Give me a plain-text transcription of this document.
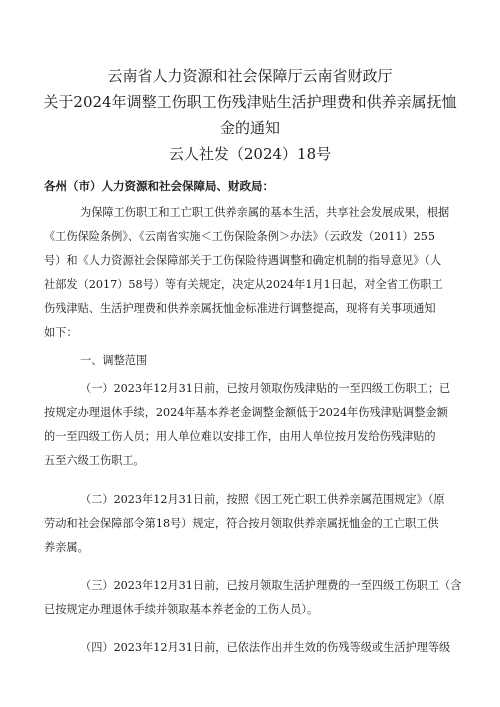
云南省人力资源和社会保障厅云南省财政厅
关于2024年调整工伤职工伤残津贴生活护理费和供养亲属抚恤
金的通知
云人社发（2024）18号
各州（市）人力资源和社会保障局、财政局：
为保障工伤职工和工亡职工供养亲属的基本生活，共享社会发展成果，根据
《工伤保险条例》、《云南省实施＜工伤保险条例＞办法》（云政发（2011）255
号）和《人力资源社会保障部关于工伤保险待遇调整和确定机制的指导意见》（人
社部发（2017）58号）等有关规定，决定从2024年1月1日起，对全省工伤职工
伤残津贴、生活护理费和供养亲属抚恤金标准进行调整提高，现将有关事项通知
如下：
一、调整范围
（一）2023年12月31日前，已按月领取伤残津贴的一至四级工伤职工；已
按规定办理退休手续，2024年基本养老金调整金额低于2024年伤残津贴调整金额
的一至四级工伤人员；用人单位难以安排工作，由用人单位按月发给伤残津贴的
五至六级工伤职工。
（二）2023年12月31日前，按照《因工死亡职工供养亲属范围规定》（原
劳动和社会保障部令第18号）规定，符合按月领取供养亲属抚恤金的工亡职工供
养亲属。
（三）2023年12月31日前，已按月领取生活护理费的一至四级工伤职工（含
已按规定办理退休手续并领取基本养老金的工伤人员）。
（四）2023年12月31日前，已依法作出并生效的伤残等级或生活护理等级
